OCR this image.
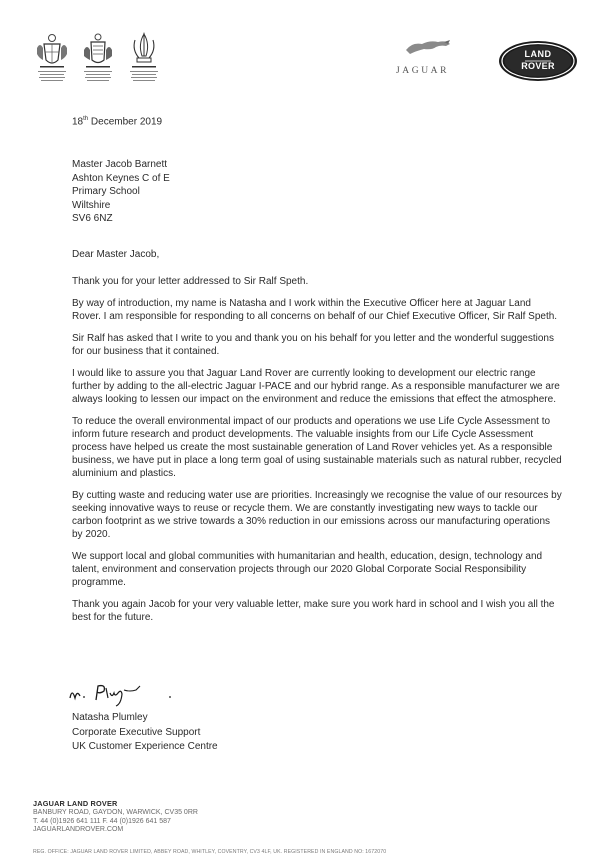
JAGUAR
LAND
ROVER
18th December 2019
Master Jacob Barnett
Ashton Keynes C of E
Primary School
Wiltshire
SV6 6NZ
Dear Master Jacob,

Thank you for your letter addressed to Sir Ralf Speth.

By way of introduction, my name is Natasha and I work within the Executive Officer here at Jaguar Land Rover. I am responsible for responding to all concerns on behalf of our Chief Executive Officer, Sir Ralf Speth.

Sir Ralf has asked that I write to you and thank you on his behalf for you letter and the wonderful suggestions for our business that it contained.

I would like to assure you that Jaguar Land Rover are currently looking to development our electric range further by adding to the all-electric Jaguar I-PACE and our hybrid range. As a responsible manufacturer we are always looking to lessen our impact on the environment and reduce the emissions that effect the atmosphere.

To reduce the overall environmental impact of our products and operations we use Life Cycle Assessment to inform future research and product developments. The valuable insights from our Life Cycle Assessment process have helped us create the most sustainable generation of Land Rover vehicles yet. As a responsible business, we have put in place a long term goal of using sustainable materials such as natural rubber, recycled aluminium and plastics.

By cutting waste and reducing water use are priorities. Increasingly we recognise the value of our resources by seeking innovative ways to reuse or recycle them. We are constantly investigating new ways to tackle our carbon footprint as we strive towards a 30% reduction in our emissions across our manufacturing operations by 2020.

We support local and global communities with humanitarian and health, education, design, technology and talent, environment and conservation projects through our 2020 Global Corporate Social Responsibility programme.

Thank you again Jacob for your very valuable letter, make sure you work hard in school and I wish you all the best for the future.

Natasha Plumley
Corporate Executive Support
UK Customer Experience Centre
JAGUAR LAND ROVER
BANBURY ROAD, GAYDON, WARWICK, CV35 0RR
T. 44 (0)1926 641 111 F. 44 (0)1926 641 587
JAGUARLANDROVER.COM
REG. OFFICE: JAGUAR LAND ROVER LIMITED, ABBEY ROAD, WHITLEY, COVENTRY, CV3 4LF, UK. REGISTERED IN ENGLAND NO: 1672070
